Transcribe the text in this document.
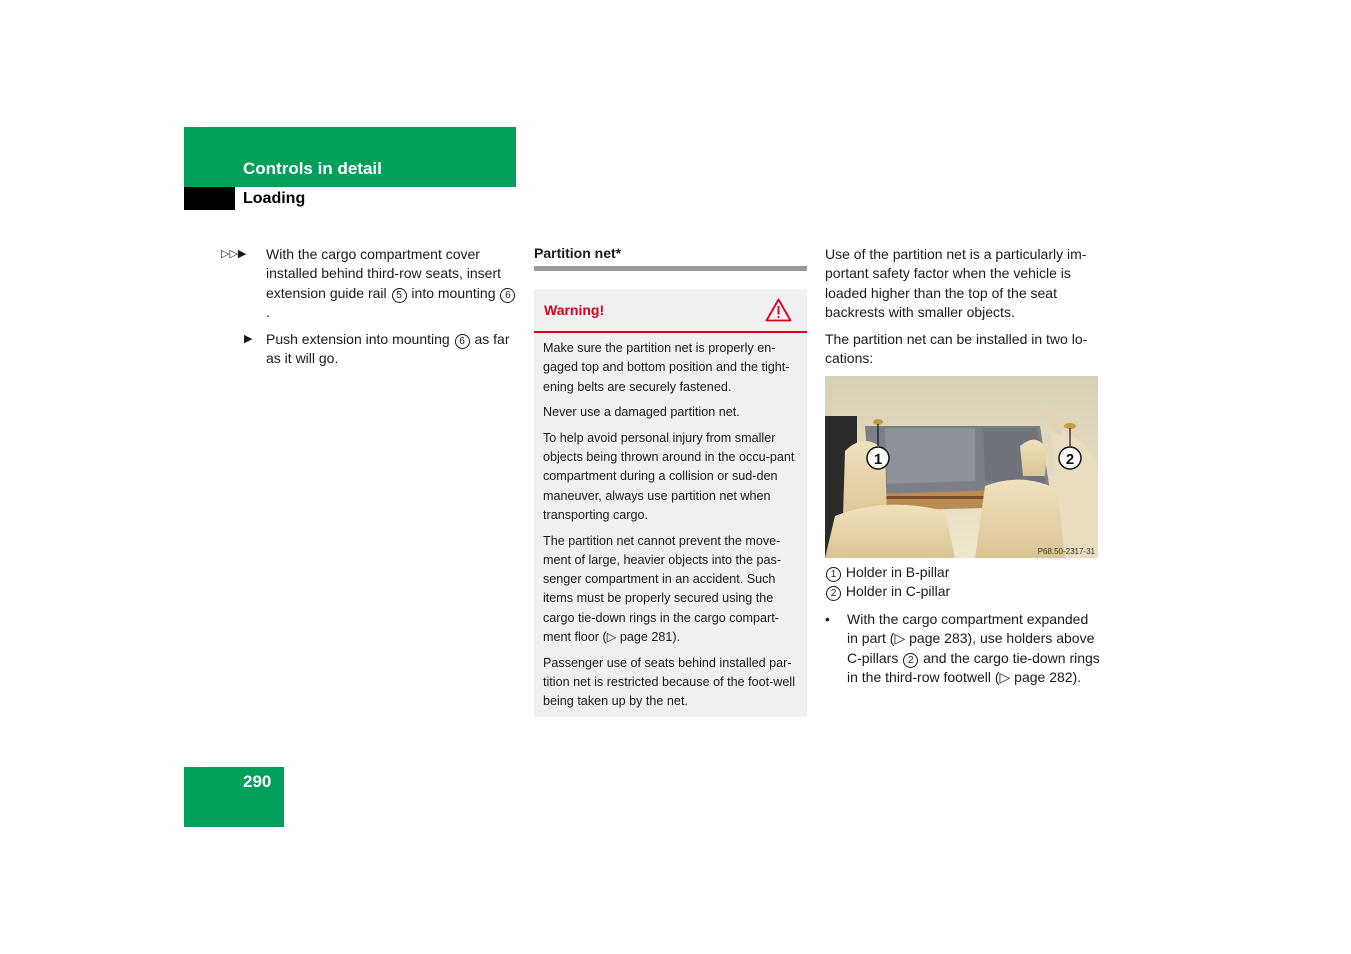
Controls in detail
Loading
▷▷▶ With the cargo compartment cover installed behind third-row seats, insert extension guide rail 5 into mounting 6.
▶ Push extension into mounting 6 as far as it will go.
Partition net*
Warning!

Make sure the partition net is properly en-gaged top and bottom position and the tight-ening belts are securely fastened.

Never use a damaged partition net.

To help avoid personal injury from smaller objects being thrown around in the occu-pant compartment during a collision or sud-den maneuver, always use partition net when transporting cargo.

The partition net cannot prevent the move-ment of large, heavier objects into the pas-senger compartment in an accident. Such items must be properly secured using the cargo tie-down rings in the cargo compart-ment floor (▷ page 281).

Passenger use of seats behind installed par-tition net is restricted because of the foot-well being taken up by the net.

Use of the partition net is a particularly im-portant safety factor when the vehicle is loaded higher than the top of the seat backrests with smaller objects.

The partition net can be installed in two lo-cations:

1	2
P68.50-2317-31
1 Holder in B-pillar
2 Holder in C-pillar
• With the cargo compartment expanded in part (▷ page 283), use holders above C-pillars 2 and the cargo tie-down rings in the third-row footwell (▷ page 282).
290
